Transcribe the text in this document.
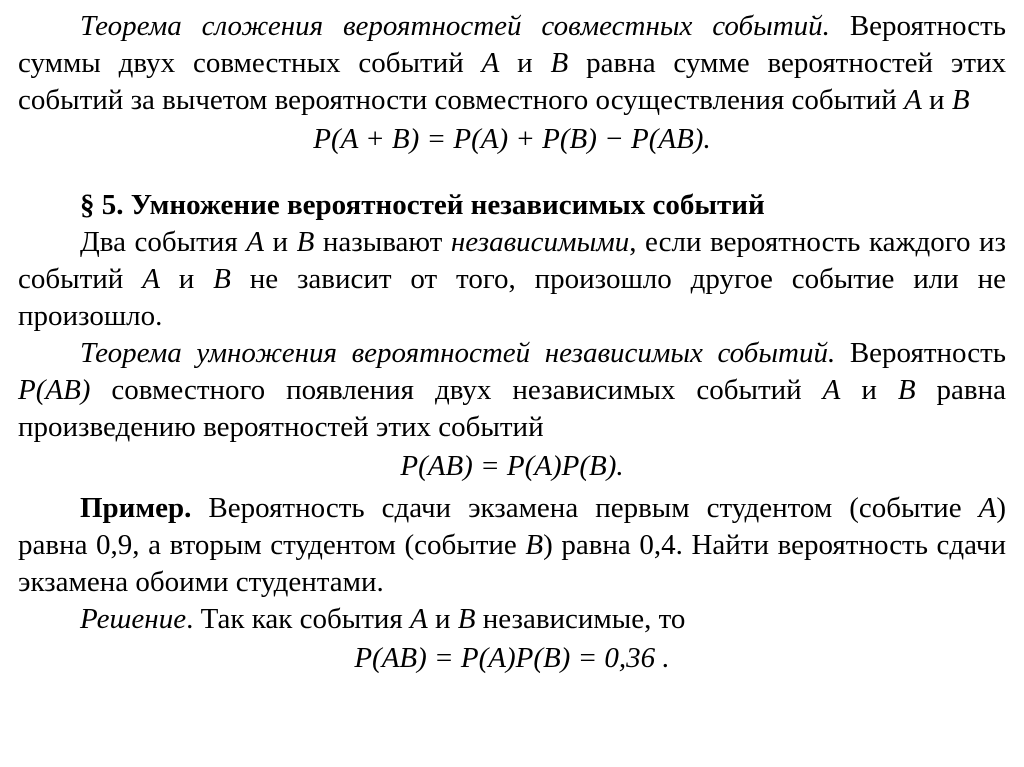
Теорема сложения вероятностей совместных событий. Вероятность суммы двух совместных событий A и B равна сумме вероятностей этих событий за вычетом вероятности совместного осуществления событий A и B

P(A + B) = P(A) + P(B) − P(AB).

§ 5. Умножение вероятностей независимых событий

Два события A и B называют независимыми, если вероятность каждого из событий A и B не зависит от того, произошло другое событие или не произошло.

Теорема умножения вероятностей независимых событий. Вероятность P(AB) совместного появления двух независимых событий A и B равна произведению вероятностей этих событий

P(AB) = P(A)P(B).

Пример. Вероятность сдачи экзамена первым студентом (событие A) равна 0,9, а вторым студентом (событие B) равна 0,4. Найти вероятность сдачи экзамена обоими студентами.

Решение. Так как события A и B независимые, то

P(AB) = P(A)P(B) = 0,36 .
